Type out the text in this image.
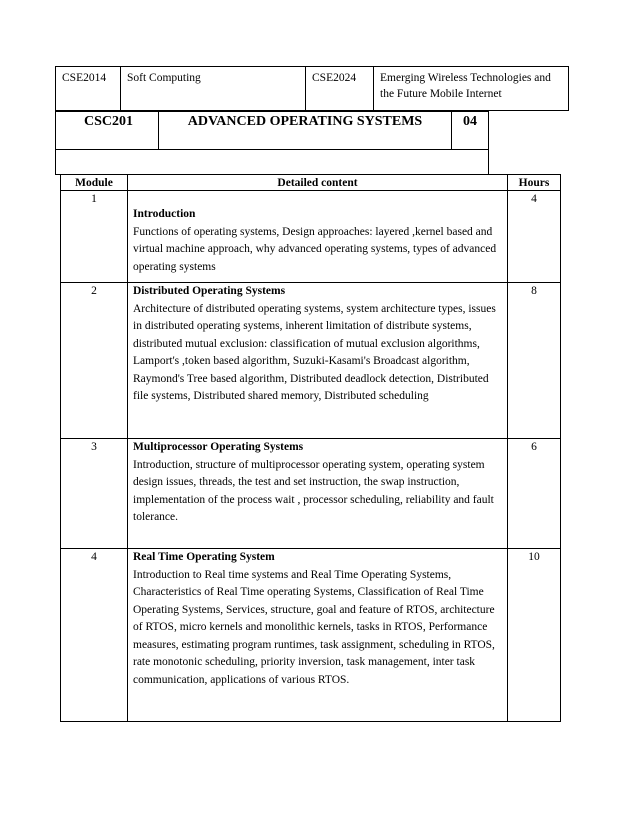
CSE2014	Soft Computing	CSE2024	Emerging Wireless Technologies and the Future Mobile Internet
CSC201	ADVANCED OPERATING SYSTEMS	04

Module	Detailed content	Hours
1	Introduction

Functions of operating systems, Design approaches: layered ,kernel based and virtual machine approach, why advanced operating systems, types of advanced operating systems	4
2	Distributed Operating Systems

Architecture of distributed operating systems, system architecture types, issues in distributed operating systems, inherent limitation of distribute systems, distributed mutual exclusion: classification of mutual exclusion algorithms, Lamport's ,token based algorithm, Suzuki-Kasami's Broadcast algorithm, Raymond's Tree based algorithm, Distributed deadlock detection, Distributed file systems, Distributed shared memory, Distributed scheduling	8
3	Multiprocessor Operating Systems

Introduction, structure of multiprocessor operating system, operating system design issues, threads, the test and set instruction, the swap instruction, implementation of the process wait , processor scheduling, reliability and fault tolerance.	6
4	Real Time Operating System

Introduction to Real time systems and Real Time Operating Systems, Characteristics of Real Time operating Systems, Classification of Real Time Operating Systems, Services, structure, goal and feature of RTOS, architecture of RTOS, micro kernels and monolithic kernels, tasks in RTOS, Performance measures, estimating program runtimes, task assignment, scheduling in RTOS, rate monotonic scheduling, priority inversion, task management, inter task communication, applications of various RTOS.	10
